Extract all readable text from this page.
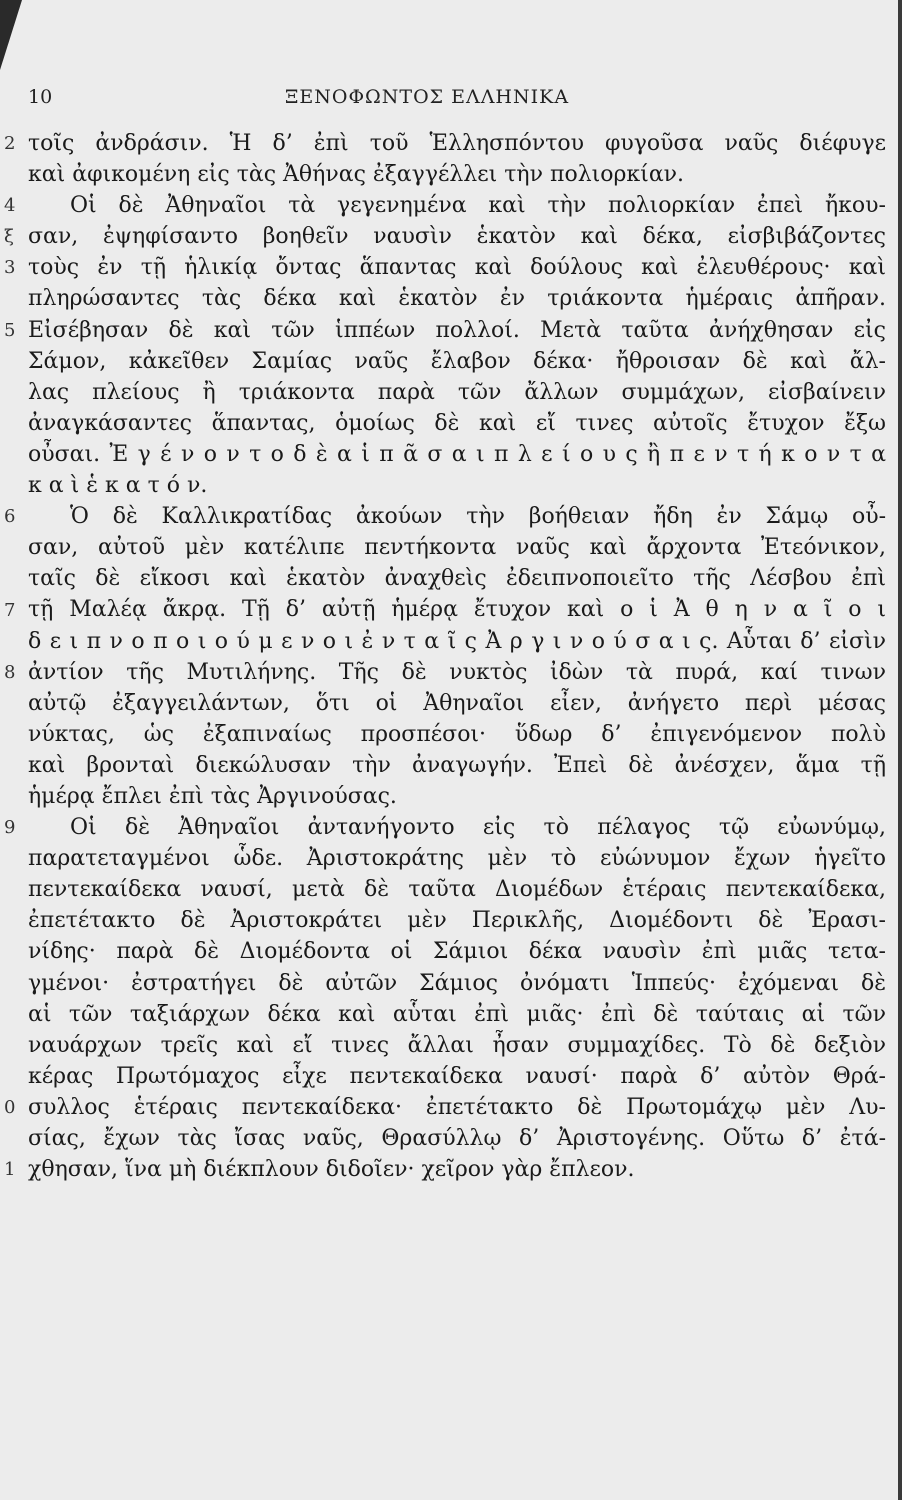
10	ΞΕΝΟΦΩΝΤΟΣ ΕΛΛΗΝΙΚΑ
2
4
ξ
3
5
6
7
8
9
0
1
τοῖς ἀνδράσιν. Ἡ δ’ ἐπὶ τοῦ Ἑλλησπόντου φυγοῦσα ναῦς διέφυγε
καὶ ἀφικομένη εἰς τὰς Ἀθήνας ἐξαγγέλλει τὴν πολιορκίαν.
Οἱ δὲ Ἀθηναῖοι τὰ γεγενημένα καὶ τὴν πολιορκίαν ἐπεὶ ἤκου-
σαν, ἐψηφίσαντο βοηθεῖν ναυσὶν ἑκατὸν καὶ δέκα, εἰσβιβάζοντες
τοὺς ἐν τῇ ἡλικίᾳ ὄντας ἅπαντας καὶ δούλους καὶ ἐλευθέρους· καὶ
πληρώσαντες τὰς δέκα καὶ ἑκατὸν ἐν τριάκοντα ἡμέραις ἀπῆραν.
Εἰσέβησαν δὲ καὶ τῶν ἱππέων πολλοί. Μετὰ ταῦτα ἀνήχθησαν εἰς
Σάμον, κἀκεῖθεν Σαμίας ναῦς ἔλαβον δέκα· ἤθροισαν δὲ καὶ ἄλ-
λας πλείους ἢ τριάκοντα παρὰ τῶν ἄλλων συμμάχων, εἰσβαίνειν
ἀναγκάσαντες ἅπαντας, ὁμοίως δὲ καὶ εἴ τινες αὐτοῖς ἔτυχον ἔξω
οὖσαι. Ἐ γ έ ν ο ν τ ο δ ὲ α ἱ π ᾶ σ α ι π λ ε ί ο υ ς ἢ π ε ν τ ή κ ο ν τ α
κ α ὶ ἑ κ α τ ό ν.
Ὁ δὲ Καλλικρατίδας ἀκούων τὴν βοήθειαν ἤδη ἐν Σάμῳ οὖ-
σαν, αὐτοῦ μὲν κατέλιπε πεντήκοντα ναῦς καὶ ἄρχοντα Ἐτεόνικον,
ταῖς δὲ εἴκοσι καὶ ἑκατὸν ἀναχθεὶς ἐδειπνοποιεῖτο τῆς Λέσβου ἐπὶ
τῇ Μαλέᾳ ἄκρᾳ. Τῇ δ’ αὐτῇ ἡμέρᾳ ἔτυχον καὶ ο ἱ Ἀ θ η ν α ῖ ο ι
δ ε ι π ν ο π ο ι ο ύ μ ε ν ο ι ἐ ν τ α ῖ ς Ἀ ρ γ ι ν ο ύ σ α ι ς. Αὗται δ’ εἰσὶν
ἀντίον τῆς Μυτιλήνης. Τῆς δὲ νυκτὸς ἰδὼν τὰ πυρά, καί τινων
αὐτῷ ἐξαγγειλάντων, ὅτι οἱ Ἀθηναῖοι εἶεν, ἀνήγετο περὶ μέσας
νύκτας, ὡς ἐξαπιναίως προσπέσοι· ὕδωρ δ’ ἐπιγενόμενον πολὺ
καὶ βρονταὶ διεκώλυσαν τὴν ἀναγωγήν. Ἐπεὶ δὲ ἀνέσχεν, ἅμα τῇ
ἡμέρᾳ ἔπλει ἐπὶ τὰς Ἀργινούσας.
Οἱ δὲ Ἀθηναῖοι ἀντανήγοντο εἰς τὸ πέλαγος τῷ εὐωνύμῳ,
παρατεταγμένοι ὧδε. Ἀριστοκράτης μὲν τὸ εὐώνυμον ἔχων ἡγεῖτο
πεντεκαίδεκα ναυσί, μετὰ δὲ ταῦτα Διομέδων ἑτέραις πεντεκαίδεκα,
ἐπετέτακτο δὲ Ἀριστοκράτει μὲν Περικλῆς, Διομέδοντι δὲ Ἐρασι-
νίδης· παρὰ δὲ Διομέδοντα οἱ Σάμιοι δέκα ναυσὶν ἐπὶ μιᾶς τετα-
γμένοι· ἐστρατήγει δὲ αὐτῶν Σάμιος ὀνόματι Ἱππεύς· ἐχόμεναι δὲ
αἱ τῶν ταξιάρχων δέκα καὶ αὗται ἐπὶ μιᾶς· ἐπὶ δὲ ταύταις αἱ τῶν
ναυάρχων τρεῖς καὶ εἴ τινες ἄλλαι ἦσαν συμμαχίδες. Τὸ δὲ δεξιὸν
κέρας Πρωτόμαχος εἶχε πεντεκαίδεκα ναυσί· παρὰ δ’ αὐτὸν Θρά-
συλλος ἑτέραις πεντεκαίδεκα· ἐπετέτακτο δὲ Πρωτομάχῳ μὲν Λυ-
σίας, ἔχων τὰς ἴσας ναῦς, Θρασύλλῳ δ’ Ἀριστογένης. Οὕτω δ’ ἐτά-
χθησαν, ἵνα μὴ διέκπλουν διδοῖεν· χεῖρον γὰρ ἔπλεον.
